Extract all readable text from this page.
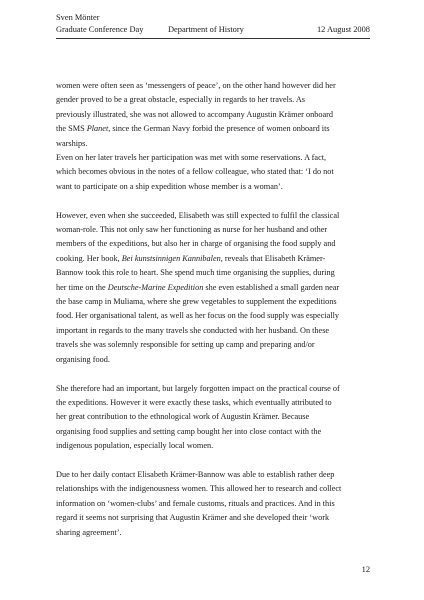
Sven Mönter
Graduate Conference Day	Department of History	12 August 2008

women were often seen as ‘messengers of peace’, on the other hand however did her

gender proved to be a great obstacle, especially in regards to her travels. As

previously illustrated, she was not allowed to accompany Augustin Krämer onboard

the SMS Planet, since the German Navy forbid the presence of women onboard its

warships.

Even on her later travels her participation was met with some reservations. A fact,

which becomes obvious in the notes of a fellow colleague, who stated that: ‘I do not

want to participate on a ship expedition whose member is a woman’.

However, even when she succeeded, Elisabeth was still expected to fulfil the classical

woman-role. This not only saw her functioning as nurse for her husband and other

members of the expeditions, but also her in charge of organising the food supply and

cooking. Her book, Bei kunstsinnigen Kannibalen, reveals that Elisabeth Krämer-

Bannow took this role to heart. She spend much time organising the supplies, during

her time on the Deutsche-Marine Expedition she even established a small garden near

the base camp in Muliama, where she grew vegetables to supplement the expeditions

food. Her organisational talent, as well as her focus on the food supply was especially

important in regards to the many travels she conducted with her husband. On these

travels she was solemnly responsible for setting up camp and preparing and/or

organising food.

She therefore had an important, but largely forgotten impact on the practical course of

the expeditions. However it were exactly these tasks, which eventually attributed to

her great contribution to the ethnological work of Augustin Krämer. Because

organising food supplies and setting camp bought her into close contact with the

indigenous population, especially local women.

Due to her daily contact Elisabeth Krämer-Bannow was able to establish rather deep

relationships with the indigenousness women. This allowed her to research and collect

information on ‘women-clubs’ and female customs, rituals and practices. And in this

regard it seems not surprising that Augustin Krämer and she developed their ‘work

sharing agreement’.

12
